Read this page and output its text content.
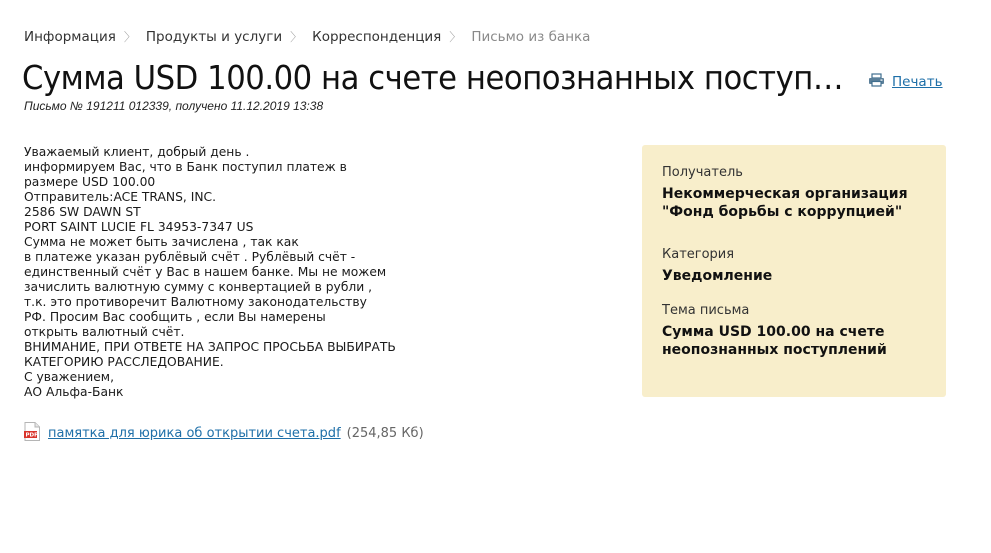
Информация 〉 Продукты и услуги 〉 Корреспонденция 〉 Письмо из банка
Сумма USD 100.00 на счете неопознанных поступ…	Печать
Письмо № 191211 012339, получено 11.12.2019 13:38
Уважаемый клиент, добрый день .
информируем Вас, что в Банк поступил платеж в
размере USD 100.00
Отправитель:ACE TRANS, INC.
2586 SW DAWN ST
PORT SAINT LUCIE FL 34953-7347 US
Сумма не может быть зачислена , так как
в платеже указан рублёвый счёт . Рублёвый счёт -
единственный счёт у Вас в нашем банке. Мы не можем
зачислить валютную сумму с конвертацией в рубли ,
т.к. это противоречит Валютному законодательству
РФ. Просим Вас сообщить , если Вы намерены
открыть валютный счёт.
ВНИМАНИЕ, ПРИ ОТВЕТЕ НА ЗАПРОС ПРОСЬБА ВЫБИРАТЬ
КАТЕГОРИЮ РАССЛЕДОВАНИЕ.
С уважением,
АО Альфа-Банк
PDF памятка для юрика об открытии счета.pdf (254,85 Кб)

Получатель

Некоммерческая организация "Фонд борьбы с коррупцией"

Категория

Уведомление

Тема письма

Сумма USD 100.00 на счете неопознанных поступлений
